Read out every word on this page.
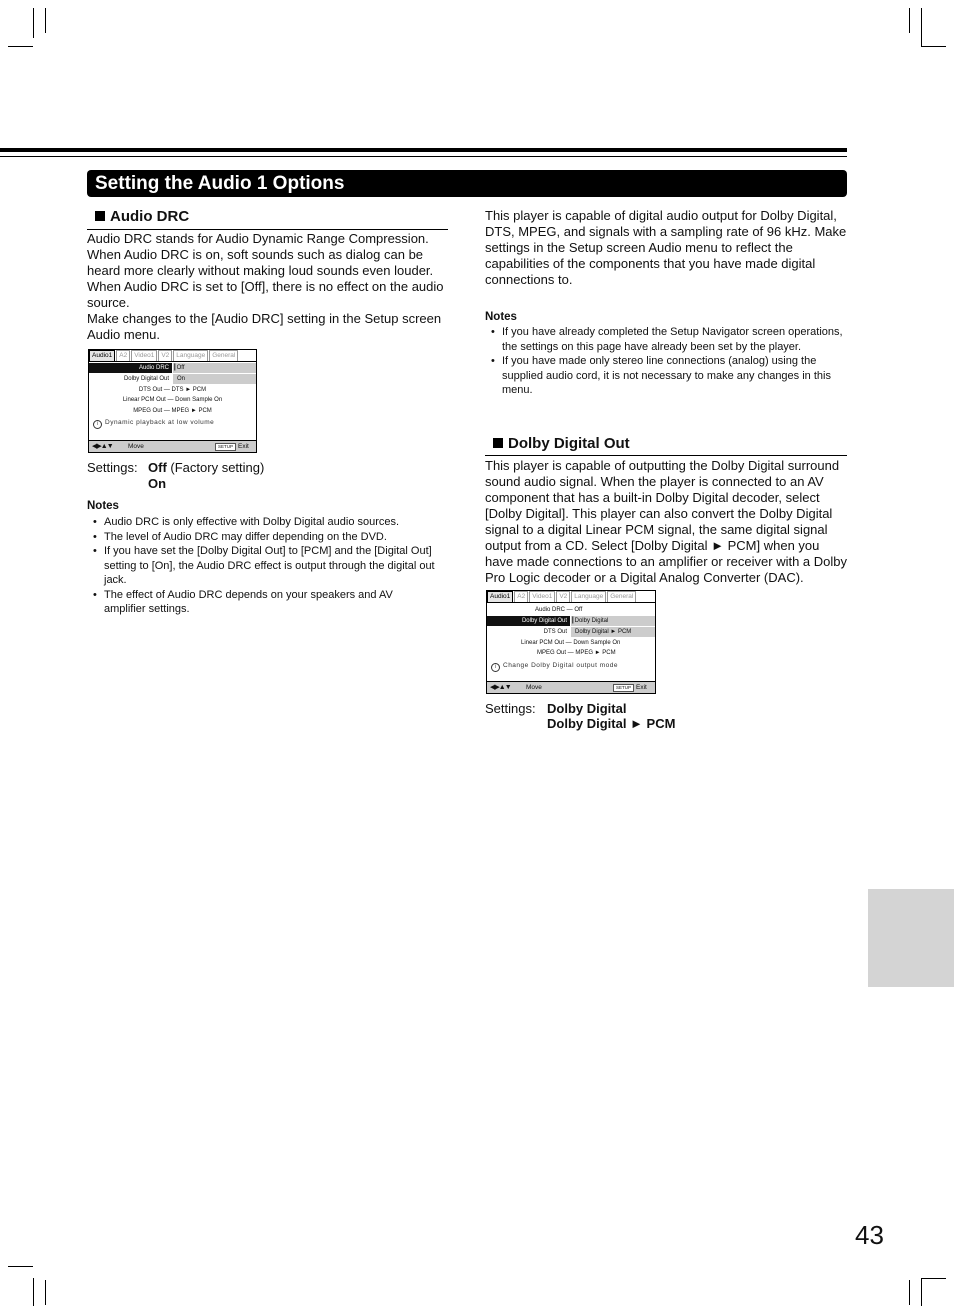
Setting the Audio 1 Options
Audio DRC

Audio DRC stands for Audio Dynamic Range Compression. When Audio DRC is on, soft sounds such as dialog can be heard more clearly without making loud sounds even louder. When Audio DRC is set to [Off], there is no effect on the audio source.

Make changes to the [Audio DRC] setting in the Setup screen Audio menu.

Audio1	A2	Video1	V2	Language	General
Audio DRC ┃Off
Dolby Digital Out	On
DTS Out — DTS ► PCM
Linear PCM Out — Down Sample On
MPEG Out — MPEG ► PCM
i Dynamic playback at low volume
◀▶▲▼ Move	SETUP Exit
Settings: Off (Factory setting)
On
Notes
• Audio DRC is only effective with Dolby Digital audio sources.
• The level of Audio DRC may differ depending on the DVD.
• If you have set the [Dolby Digital Out] to [PCM] and the [Digital Out] setting to [On], the Audio DRC effect is output through the digital out jack.
• The effect of Audio DRC depends on your speakers and AV amplifier settings.

This player is capable of digital audio output for Dolby Digital, DTS, MPEG, and signals with a sampling rate of 96 kHz. Make settings in the Setup screen Audio menu to reflect the capabilities of the components that you have made digital connections to.

Notes
• If you have already completed the Setup Navigator screen operations, the settings on this page have already been set by the player.
• If you have made only stereo line connections (analog) using the supplied audio cord, it is not necessary to make any changes in this menu.
Dolby Digital Out

This player is capable of outputting the Dolby Digital surround sound audio signal. When the player is connected to an AV component that has a built-in Dolby Digital decoder, select [Dolby Digital]. This player can also convert the Dolby Digital signal to a digital Linear PCM signal, the same digital signal output from a CD. Select [Dolby Digital ► PCM] when you have made connections to an amplifier or receiver with a Dolby Pro Logic decoder or a Digital Analog Converter (DAC).

Audio1	A2	Video1	V2	Language	General
Audio DRC — Off
Dolby Digital Out ┃Dolby Digital
DTS Out	Dolby Digital ► PCM
Linear PCM Out — Down Sample On
MPEG Out — MPEG ► PCM
i Change Dolby Digital output mode
◀▶▲▼ Move	SETUP Exit
Settings: Dolby Digital
Dolby Digital ► PCM
43
